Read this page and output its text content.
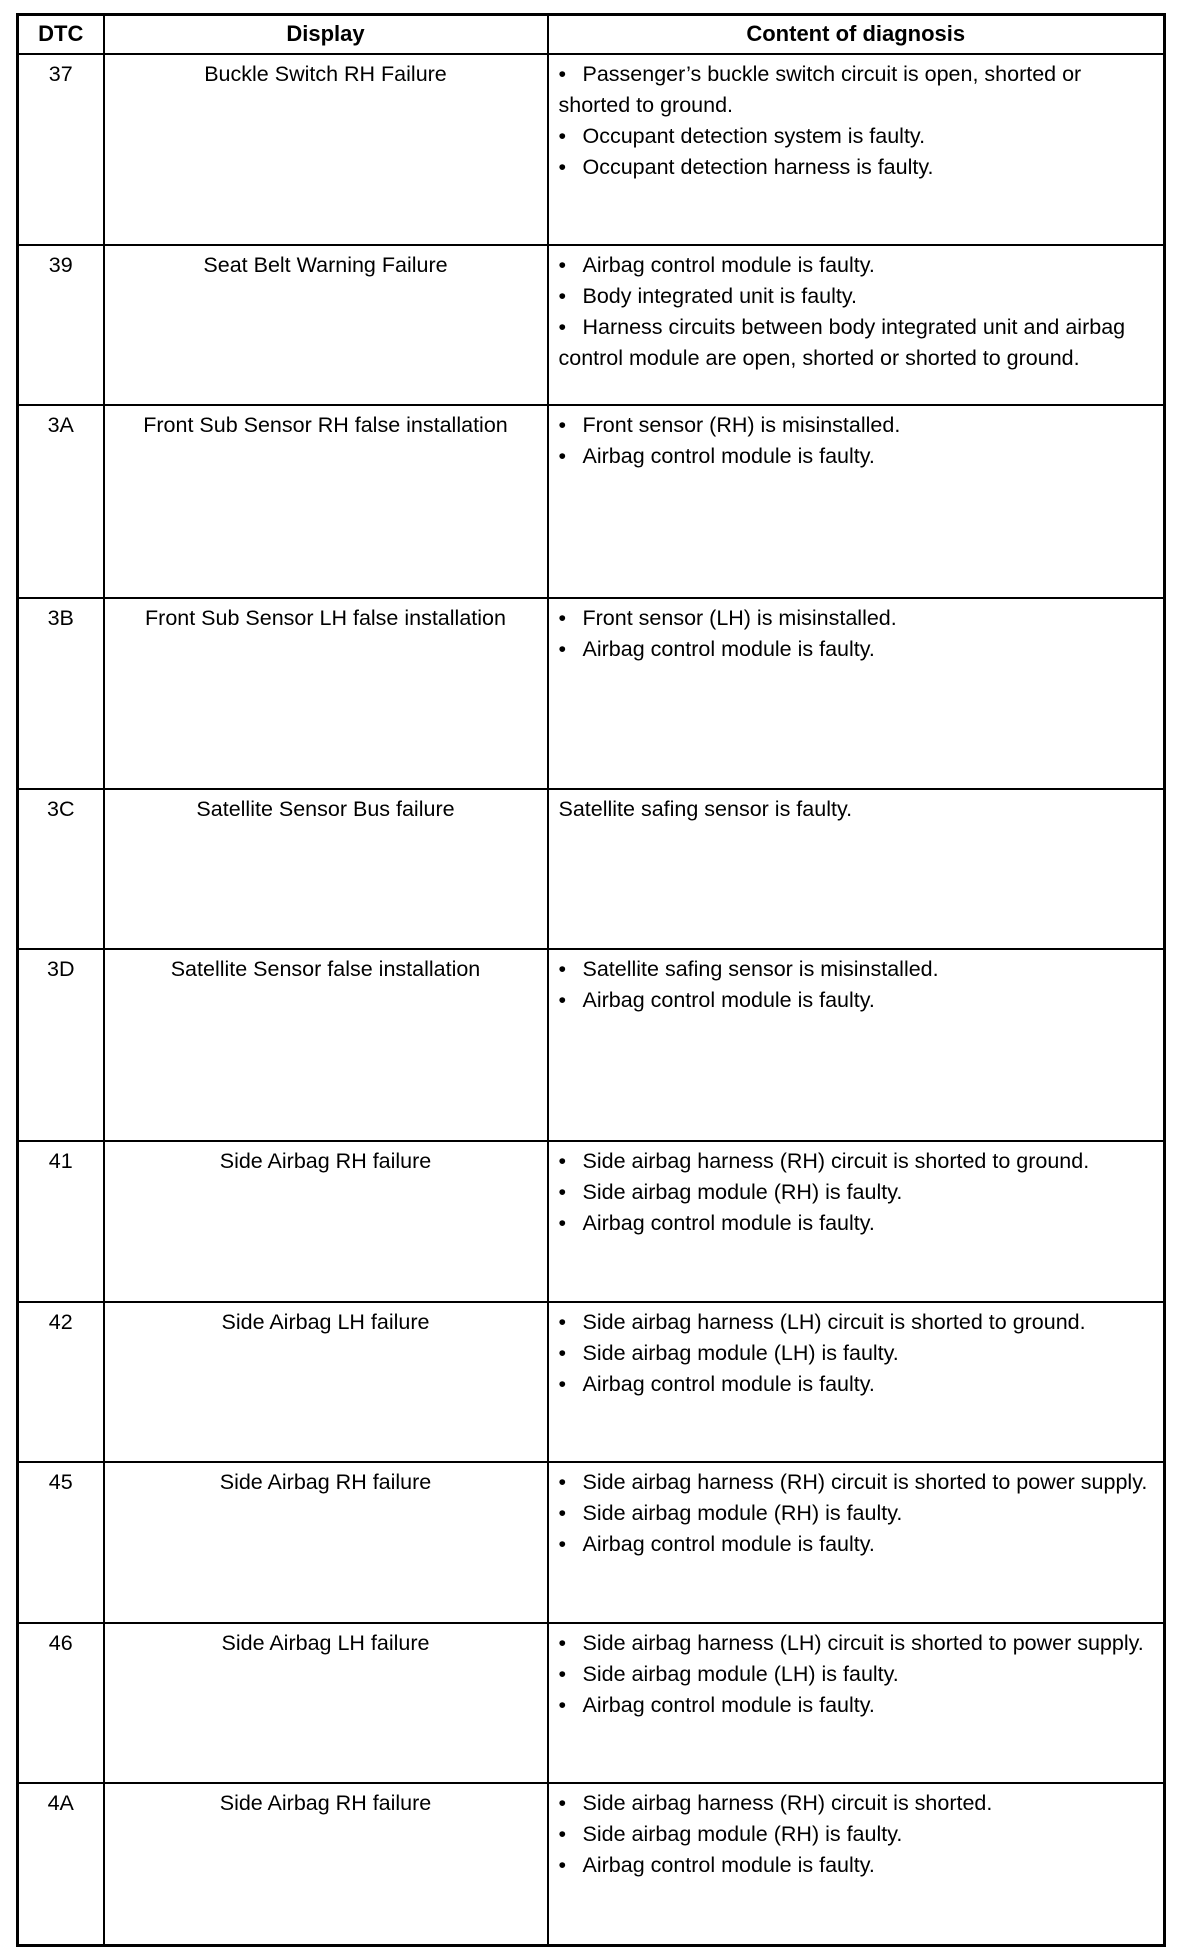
DTC	Display	Content of diagnosis
37	Buckle Switch RH Failure	• Passenger’s buckle switch circuit is open, shorted or shorted to ground.
• Occupant detection system is faulty.
• Occupant detection harness is faulty.

39	Seat Belt Warning Failure	• Airbag control module is faulty.
• Body integrated unit is faulty.
• Harness circuits between body integrated unit and airbag control module are open, shorted or shorted to ground.

3A	Front Sub Sensor RH false installation	• Front sensor (RH) is misinstalled.
• Airbag control module is faulty.

3B	Front Sub Sensor LH false installation	• Front sensor (LH) is misinstalled.
• Airbag control module is faulty.

3C	Satellite Sensor Bus failure	Satellite safing sensor is faulty.

3D	Satellite Sensor false installation	• Satellite safing sensor is misinstalled.
• Airbag control module is faulty.

41	Side Airbag RH failure	• Side airbag harness (RH) circuit is shorted to ground.
• Side airbag module (RH) is faulty.
• Airbag control module is faulty.

42	Side Airbag LH failure	• Side airbag harness (LH) circuit is shorted to ground.
• Side airbag module (LH) is faulty.
• Airbag control module is faulty.

45	Side Airbag RH failure	• Side airbag harness (RH) circuit is shorted to power supply.
• Side airbag module (RH) is faulty.
• Airbag control module is faulty.

46	Side Airbag LH failure	• Side airbag harness (LH) circuit is shorted to power supply.
• Side airbag module (LH) is faulty.
• Airbag control module is faulty.

4A	Side Airbag RH failure	• Side airbag harness (RH) circuit is shorted.
• Side airbag module (RH) is faulty.
• Airbag control module is faulty.
